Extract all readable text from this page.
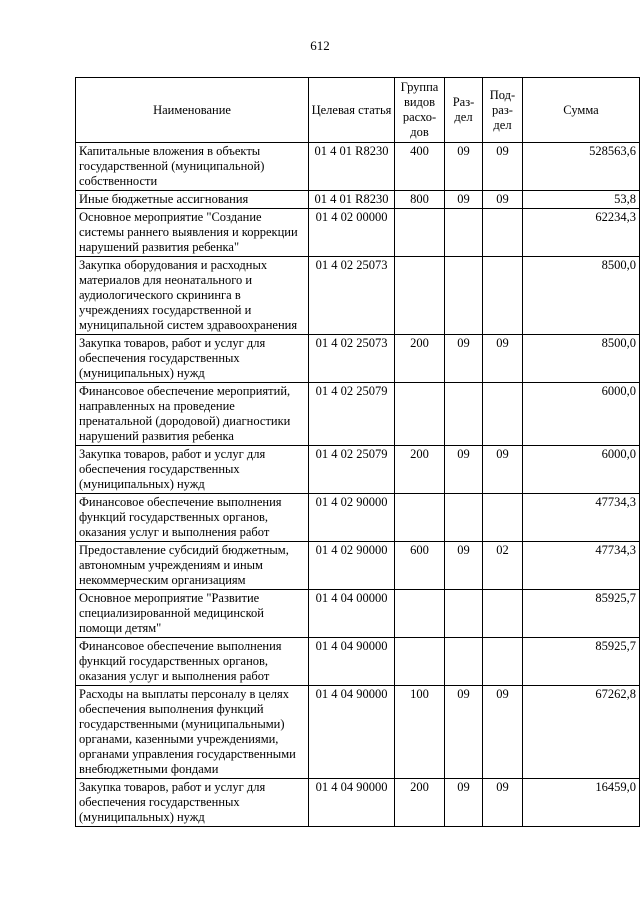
612
Наименование	Целевая статья	Группа видов расхо-дов	Раз-дел	Под-раз-дел	Сумма
Капитальные вложения в объекты государственной (муниципальной) собственности	01 4 01 R8230	400	09	09	528563,6
Иные бюджетные ассигнования	01 4 01 R8230	800	09	09	53,8
Основное мероприятие "Создание системы раннего выявления и коррекции нарушений развития ребенка"	01 4 02 00000				62234,3
Закупка оборудования и расходных материалов для неонатального и аудиологического скрининга в учреждениях государственной и муниципальной систем здравоохранения	01 4 02 25073				8500,0
Закупка товаров, работ и услуг для обеспечения государственных (муниципальных) нужд	01 4 02 25073	200	09	09	8500,0
Финансовое обеспечение мероприятий, направленных на проведение пренатальной (дородовой) диагностики нарушений развития ребенка	01 4 02 25079				6000,0
Закупка товаров, работ и услуг для обеспечения государственных (муниципальных) нужд	01 4 02 25079	200	09	09	6000,0
Финансовое обеспечение выполнения функций государственных органов, оказания услуг и выполнения работ	01 4 02 90000				47734,3
Предоставление субсидий бюджетным, автономным учреждениям и иным некоммерческим организациям	01 4 02 90000	600	09	02	47734,3
Основное мероприятие "Развитие специализированной медицинской помощи детям"	01 4 04 00000				85925,7
Финансовое обеспечение выполнения функций государственных органов, оказания услуг и выполнения работ	01 4 04 90000				85925,7
Расходы на выплаты персоналу в целях обеспечения выполнения функций государственными (муниципальными) органами, казенными учреждениями, органами управления государственными внебюджетными фондами	01 4 04 90000	100	09	09	67262,8
Закупка товаров, работ и услуг для обеспечения государственных (муниципальных) нужд	01 4 04 90000	200	09	09	16459,0
